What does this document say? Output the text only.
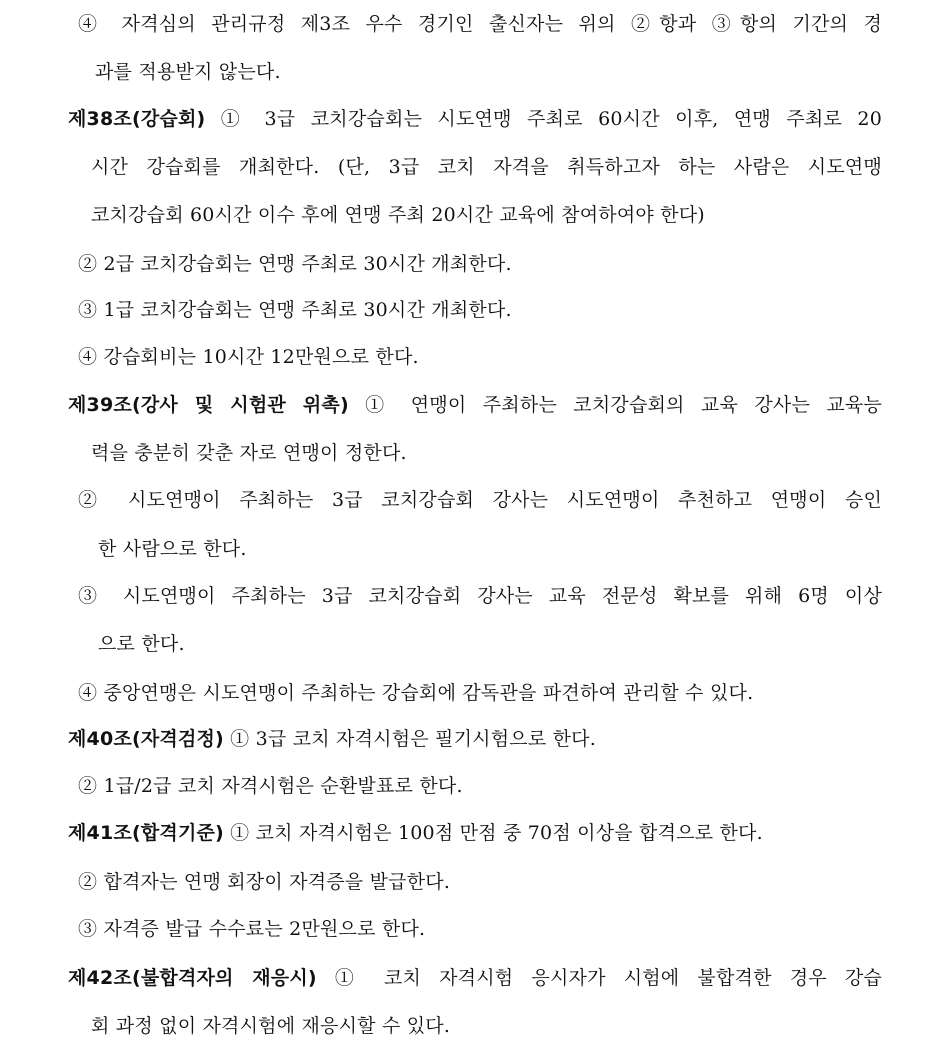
④ 자격심의 관리규정 제3조 우수 경기인 출신자는 위의 ②항과 ③항의 기간의 경
과를 적용받지 않는다.
제38조(강습회) ① 3급 코치강습회는 시도연맹 주최로 60시간 이후, 연맹 주최로 20
시간 강습회를 개최한다. (단, 3급 코치 자격을 취득하고자 하는 사람은 시도연맹
코치강습회 60시간 이수 후에 연맹 주최 20시간 교육에 참여하여야 한다)
② 2급 코치강습회는 연맹 주최로 30시간 개최한다.
③ 1급 코치강습회는 연맹 주최로 30시간 개최한다.
④ 강습회비는 10시간 12만원으로 한다.
제39조(강사 및 시험관 위촉) ① 연맹이 주최하는 코치강습회의 교육 강사는 교육능
력을 충분히 갖춘 자로 연맹이 정한다.
② 시도연맹이 주최하는 3급 코치강습회 강사는 시도연맹이 추천하고 연맹이 승인
한 사람으로 한다.
③ 시도연맹이 주최하는 3급 코치강습회 강사는 교육 전문성 확보를 위해 6명 이상
으로 한다.
④ 중앙연맹은 시도연맹이 주최하는 강습회에 감독관을 파견하여 관리할 수 있다.
제40조(자격검정) ① 3급 코치 자격시험은 필기시험으로 한다.
② 1급/2급 코치 자격시험은 순환발표로 한다.
제41조(합격기준) ① 코치 자격시험은 100점 만점 중 70점 이상을 합격으로 한다.
② 합격자는 연맹 회장이 자격증을 발급한다.
③ 자격증 발급 수수료는 2만원으로 한다.
제42조(불합격자의 재응시) ① 코치 자격시험 응시자가 시험에 불합격한 경우 강습
회 과정 없이 자격시험에 재응시할 수 있다.
